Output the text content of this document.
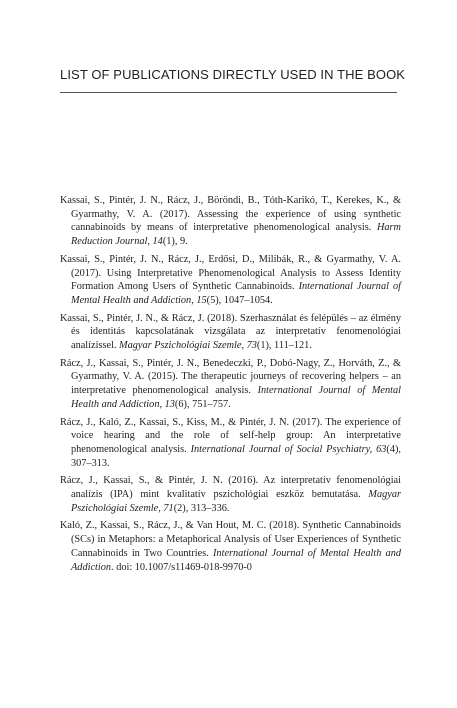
LIST OF PUBLICATIONS DIRECTLY USED IN THE BOOK

Kassai, S., Pintér, J. N., Rácz, J., Böröndi, B., Tóth-Karikó, T., Kerekes, K., & Gyarmathy, V. A. (2017). Assessing the experience of using synthetic cannabinoids by means of interpretative phenomenological analysis. Harm Reduction Journal, 14(1), 9.

Kassai, S., Pintér, J. N., Rácz, J., Erdősi, D., Milibák, R., & Gyarmathy, V. A. (2017). Using Interpretative Phenomenological Analysis to Assess Identity Formation Among Users of Synthetic Cannabinoids. International Journal of Mental Health and Addiction, 15(5), 1047–1054.

Kassai, S., Pintér, J. N., & Rácz, J. (2018). Szerhasználat és felépülés – az élmény és identitás kapcsolatának vizsgálata az interpretatív fenomenológiai analízissel. Magyar Pszichológiai Szemle, 73(1), 111–121.

Rácz, J., Kassai, S., Pintér, J. N., Benedeczki, P., Dobó-Nagy, Z., Horváth, Z., & Gyarmathy, V. A. (2015). The therapeutic journeys of recovering helpers – an interpretative phenomenological analysis. International Journal of Mental Health and Addiction, 13(6), 751–757.

Rácz, J., Kaló, Z., Kassai, S., Kiss, M., & Pintér, J. N. (2017). The experience of voice hearing and the role of self-help group: An interpretative phenomenological analysis. International Journal of Social Psychiatry, 63(4), 307–313.

Rácz, J., Kassai, S., & Pintér, J. N. (2016). Az interpretatív fenomenológiai analízis (IPA) mint kvalitatív pszichológiai eszköz bemutatása. Magyar Pszichológiai Szemle, 71(2), 313–336.

Kaló, Z., Kassai, S., Rácz, J., & Van Hout, M. C. (2018). Synthetic Cannabinoids (SCs) in Metaphors: a Metaphorical Analysis of User Experiences of Synthetic Cannabinoids in Two Countries. International Journal of Mental Health and Addiction. doi: 10.1007/s11469-018-9970-0
